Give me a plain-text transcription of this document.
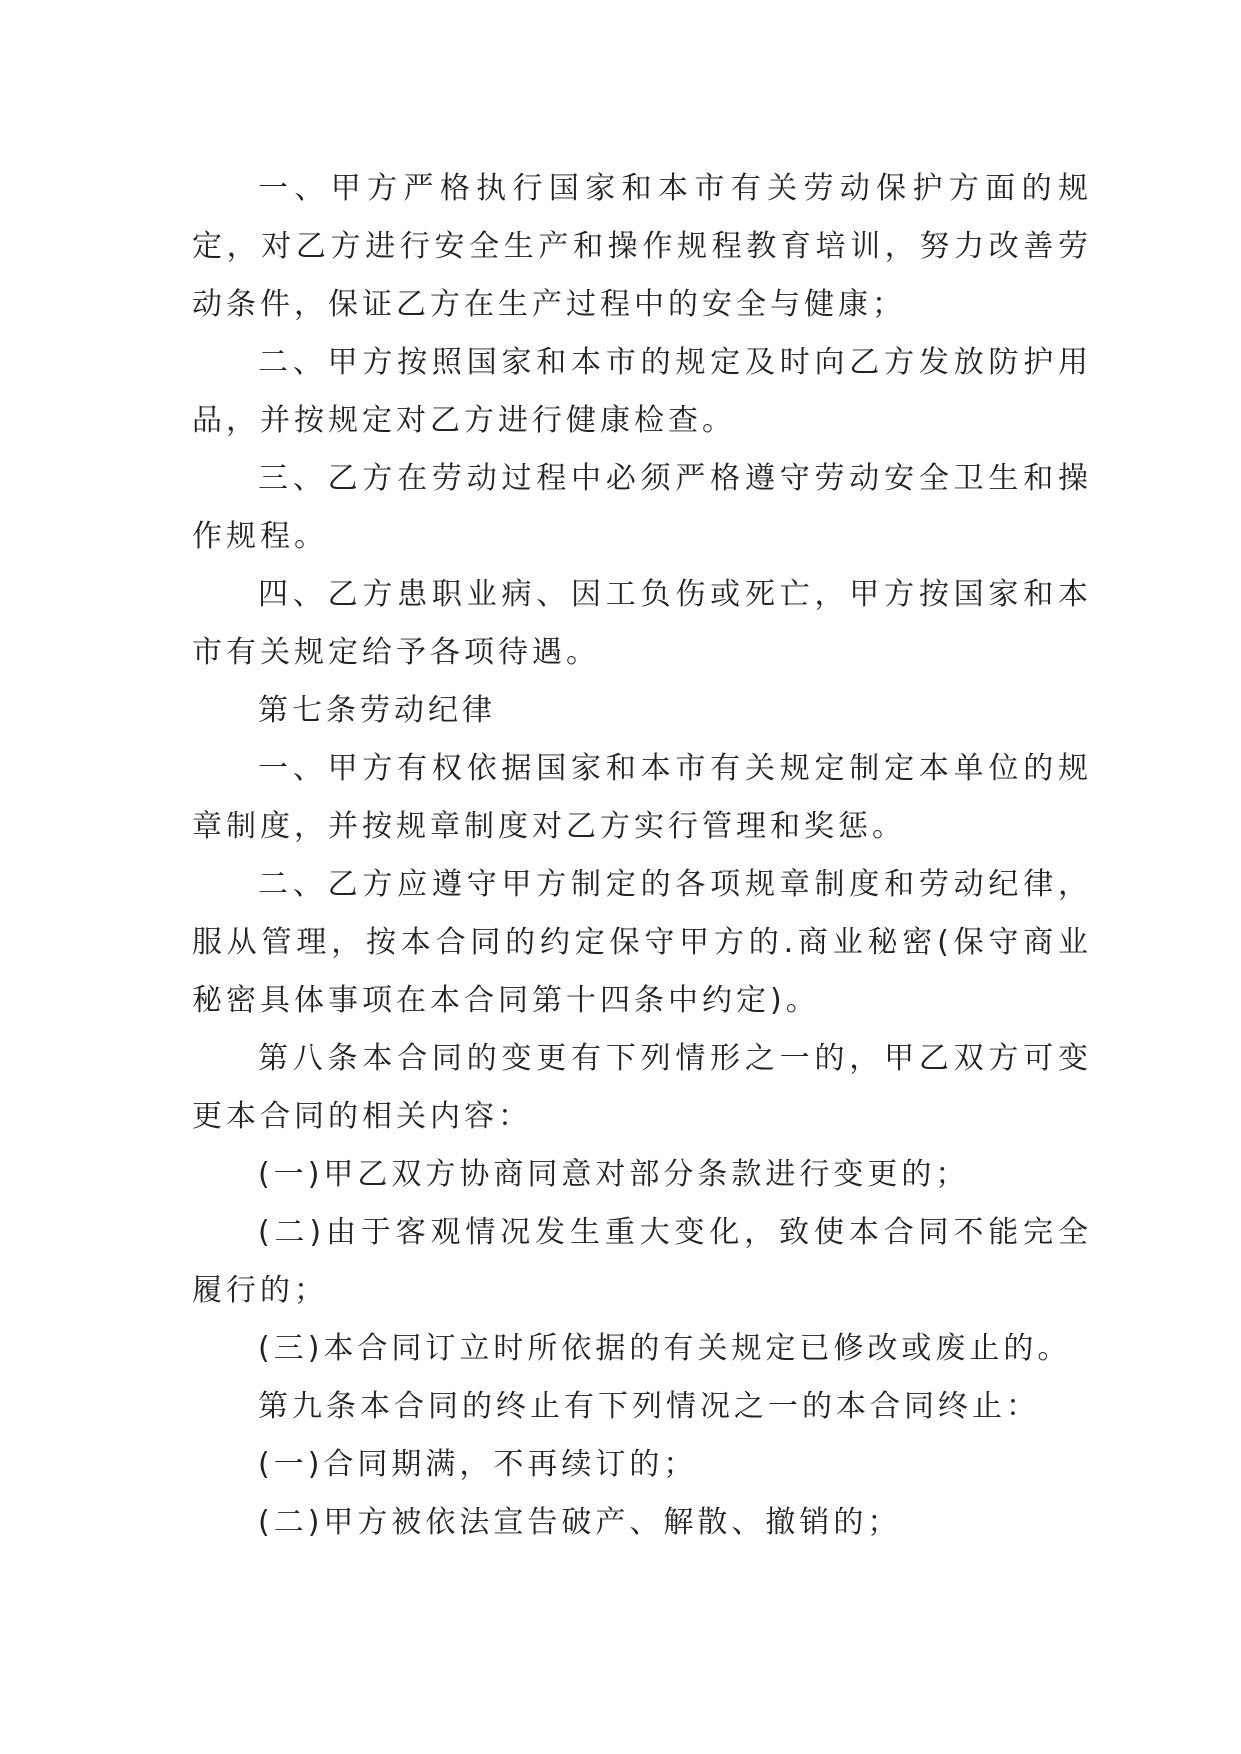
一、甲方严格执行国家和本市有关劳动保护方面的规定，对乙方进行安全生产和操作规程教育培训，努力改善劳动条件，保证乙方在生产过程中的安全与健康；

二、甲方按照国家和本市的规定及时向乙方发放防护用品，并按规定对乙方进行健康检查。

三、乙方在劳动过程中必须严格遵守劳动安全卫生和操作规程。

四、乙方患职业病、因工负伤或死亡，甲方按国家和本市有关规定给予各项待遇。

第七条劳动纪律

一、甲方有权依据国家和本市有关规定制定本单位的规章制度，并按规章制度对乙方实行管理和奖惩。

二、乙方应遵守甲方制定的各项规章制度和劳动纪律，服从管理，按本合同的约定保守甲方的.商业秘密(保守商业秘密具体事项在本合同第十四条中约定)。

第八条本合同的变更有下列情形之一的，甲乙双方可变更本合同的相关内容：

(一)甲乙双方协商同意对部分条款进行变更的；

(二)由于客观情况发生重大变化，致使本合同不能完全履行的；

(三)本合同订立时所依据的有关规定已修改或废止的。

第九条本合同的终止有下列情况之一的本合同终止：

(一)合同期满，不再续订的；

(二)甲方被依法宣告破产、解散、撤销的；
